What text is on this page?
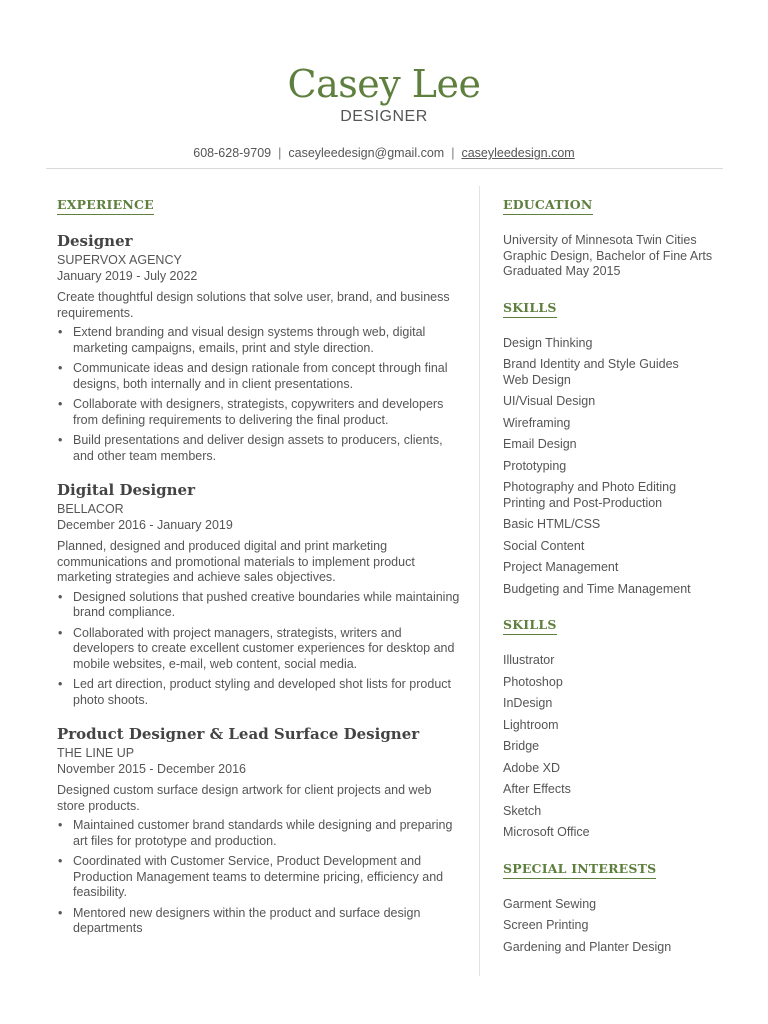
Casey Lee
DESIGNER
608-628-9709 | caseyleedesign@gmail.com | caseyleedesign.com
EXPERIENCE
Designer
SUPERVOX AGENCY
January 2019 - July 2022
Create thoughtful design solutions that solve user, brand, and business requirements.
• Extend branding and visual design systems through web, digital marketing campaigns, emails, print and style direction.
• Communicate ideas and design rationale from concept through final designs, both internally and in client presentations.
• Collaborate with designers, strategists, copywriters and developers from defining requirements to delivering the final product.
• Build presentations and deliver design assets to producers, clients, and other team members.
Digital Designer
BELLACOR
December 2016 - January 2019
Planned, designed and produced digital and print marketing communications and promotional materials to implement product marketing strategies and achieve sales objectives.
• Designed solutions that pushed creative boundaries while maintaining brand compliance.
• Collaborated with project managers, strategists, writers and developers to create excellent customer experiences for desktop and mobile websites, e-mail, web content, social media.
• Led art direction, product styling and developed shot lists for product photo shoots.
Product Designer & Lead Surface Designer
THE LINE UP
November 2015 - December 2016
Designed custom surface design artwork for client projects and web store products.
• Maintained customer brand standards while designing and preparing art files for prototype and production.
• Coordinated with Customer Service, Product Development and Production Management teams to determine pricing, efficiency and feasibility.
• Mentored new designers within the product and surface design departments
EDUCATION
University of Minnesota Twin Cities
Graphic Design, Bachelor of Fine Arts
Graduated May 2015
SKILLS
Design Thinking
Brand Identity and Style Guides
Web Design
UI/Visual Design
Wireframing
Email Design
Prototyping
Photography and Photo Editing
Printing and Post-Production
Basic HTML/CSS
Social Content
Project Management
Budgeting and Time Management
SKILLS
Illustrator
Photoshop
InDesign
Lightroom
Bridge
Adobe XD
After Effects
Sketch
Microsoft Office
SPECIAL INTERESTS
Garment Sewing
Screen Printing
Gardening and Planter Design
